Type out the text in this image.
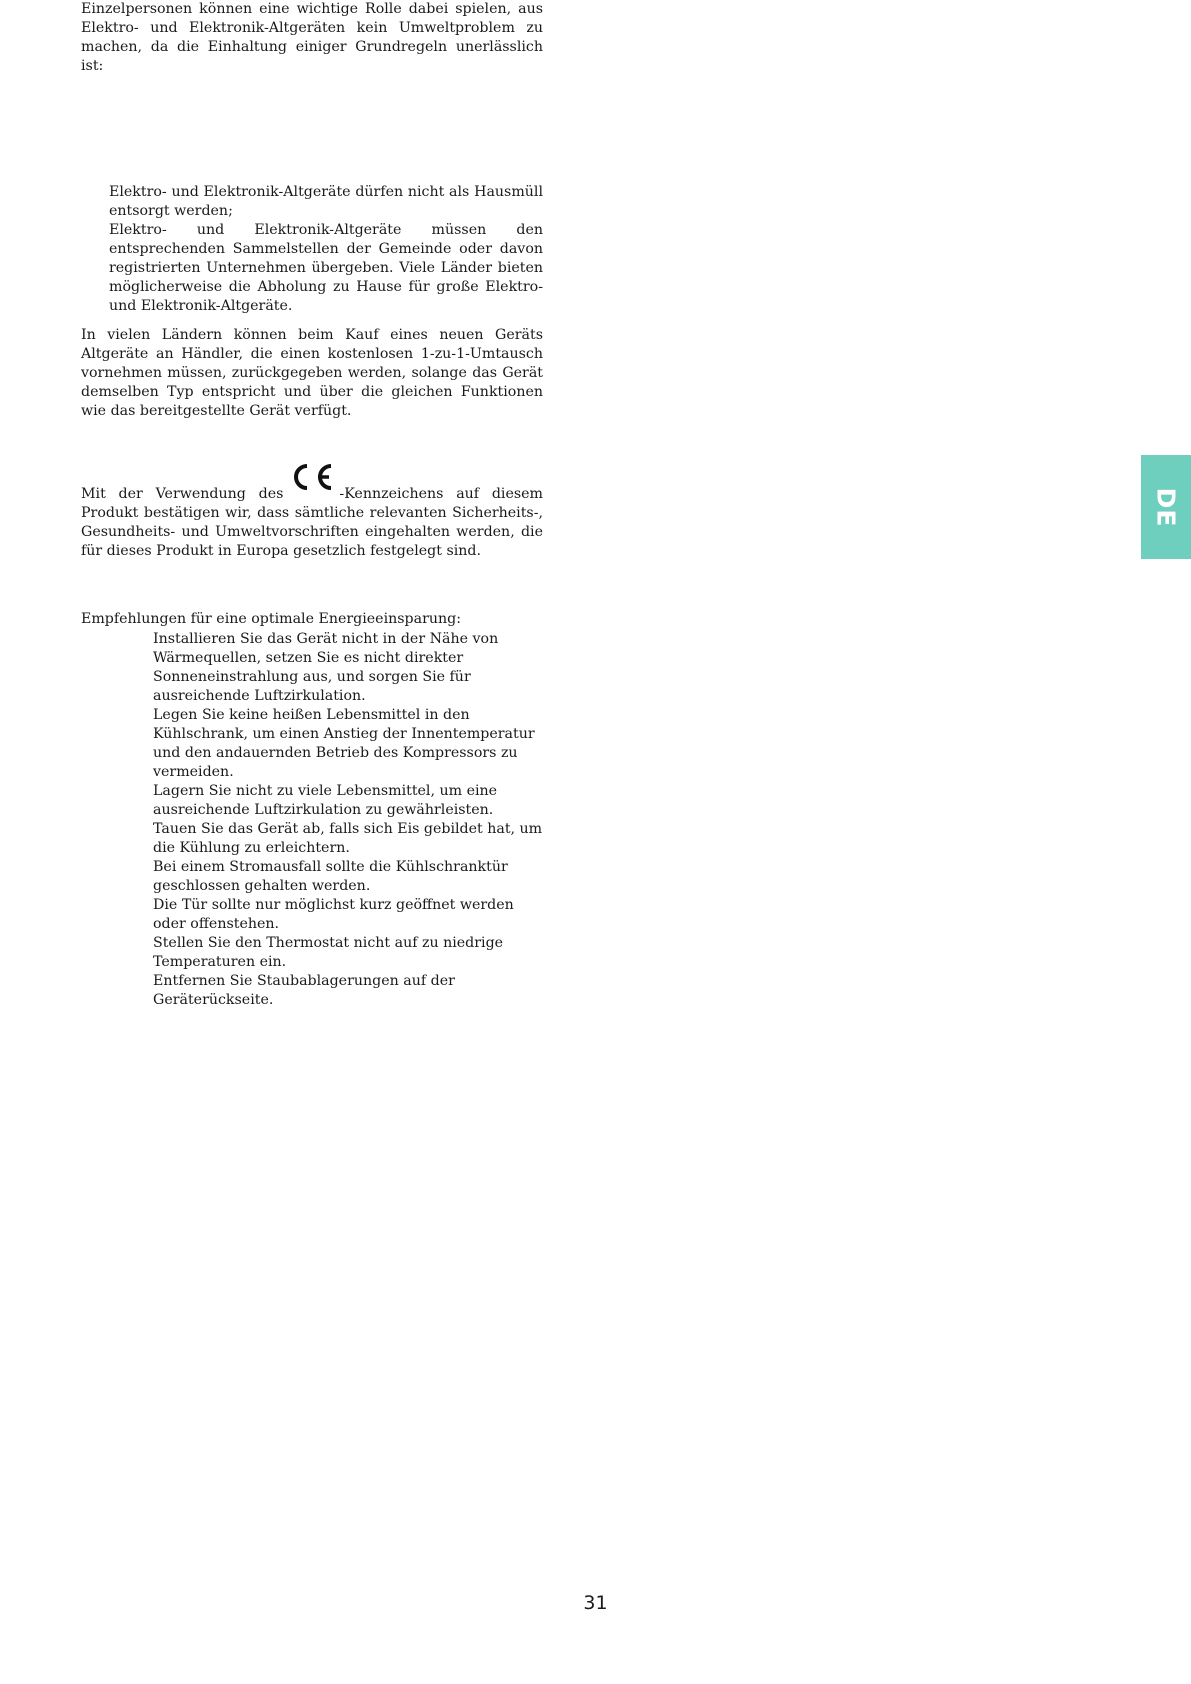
Einzelpersonen können eine wichtige Rolle dabei spielen, aus Elektro- und Elektronik-Altgeräten kein Umweltproblem zu machen, da die Einhaltung einiger Grundregeln unerlässlich ist:

Elektro- und Elektronik-Altgeräte dürfen nicht als Hausmüll entsorgt werden;

Elektro- und Elektronik-Altgeräte müssen den entsprechenden Sammelstellen der Gemeinde oder davon registrierten Unternehmen übergeben. Viele Länder bieten möglicherweise die Abholung zu Hause für große Elektro- und Elektronik-Altgeräte.

In vielen Ländern können beim Kauf eines neuen Geräts Altgeräte an Händler, die einen kostenlosen 1-zu-1-Umtausch vornehmen müssen, zurückgegeben werden, solange das Gerät demselben Typ entspricht und über die gleichen Funktionen wie das bereitgestellte Gerät verfügt.

Mit der Verwendung des	-Kennzeichens auf diesem Produkt bestätigen wir, dass sämtliche relevanten Sicherheits-, Gesundheits- und Umweltvorschriften eingehalten werden, die für dieses Produkt in Europa gesetzlich festgelegt sind.

Empfehlungen für eine optimale Energieeinsparung:

Installieren Sie das Gerät nicht in der Nähe von Wärmequellen, setzen Sie es nicht direkter Sonneneinstrahlung aus, und sorgen Sie für ausreichende Luftzirkulation.

Legen Sie keine heißen Lebensmittel in den Kühlschrank, um einen Anstieg der Innentemperatur und den andauernden Betrieb des Kompressors zu vermeiden.

Lagern Sie nicht zu viele Lebensmittel, um eine ausreichende Luftzirkulation zu gewährleisten.

Tauen Sie das Gerät ab, falls sich Eis gebildet hat, um die Kühlung zu erleichtern.

Bei einem Stromausfall sollte die Kühlschranktür geschlossen gehalten werden.

Die Tür sollte nur möglichst kurz geöffnet werden oder offenstehen.

Stellen Sie den Thermostat nicht auf zu niedrige Temperaturen ein.

Entfernen Sie Staubablagerungen auf der Geräterückseite.

DE
31
